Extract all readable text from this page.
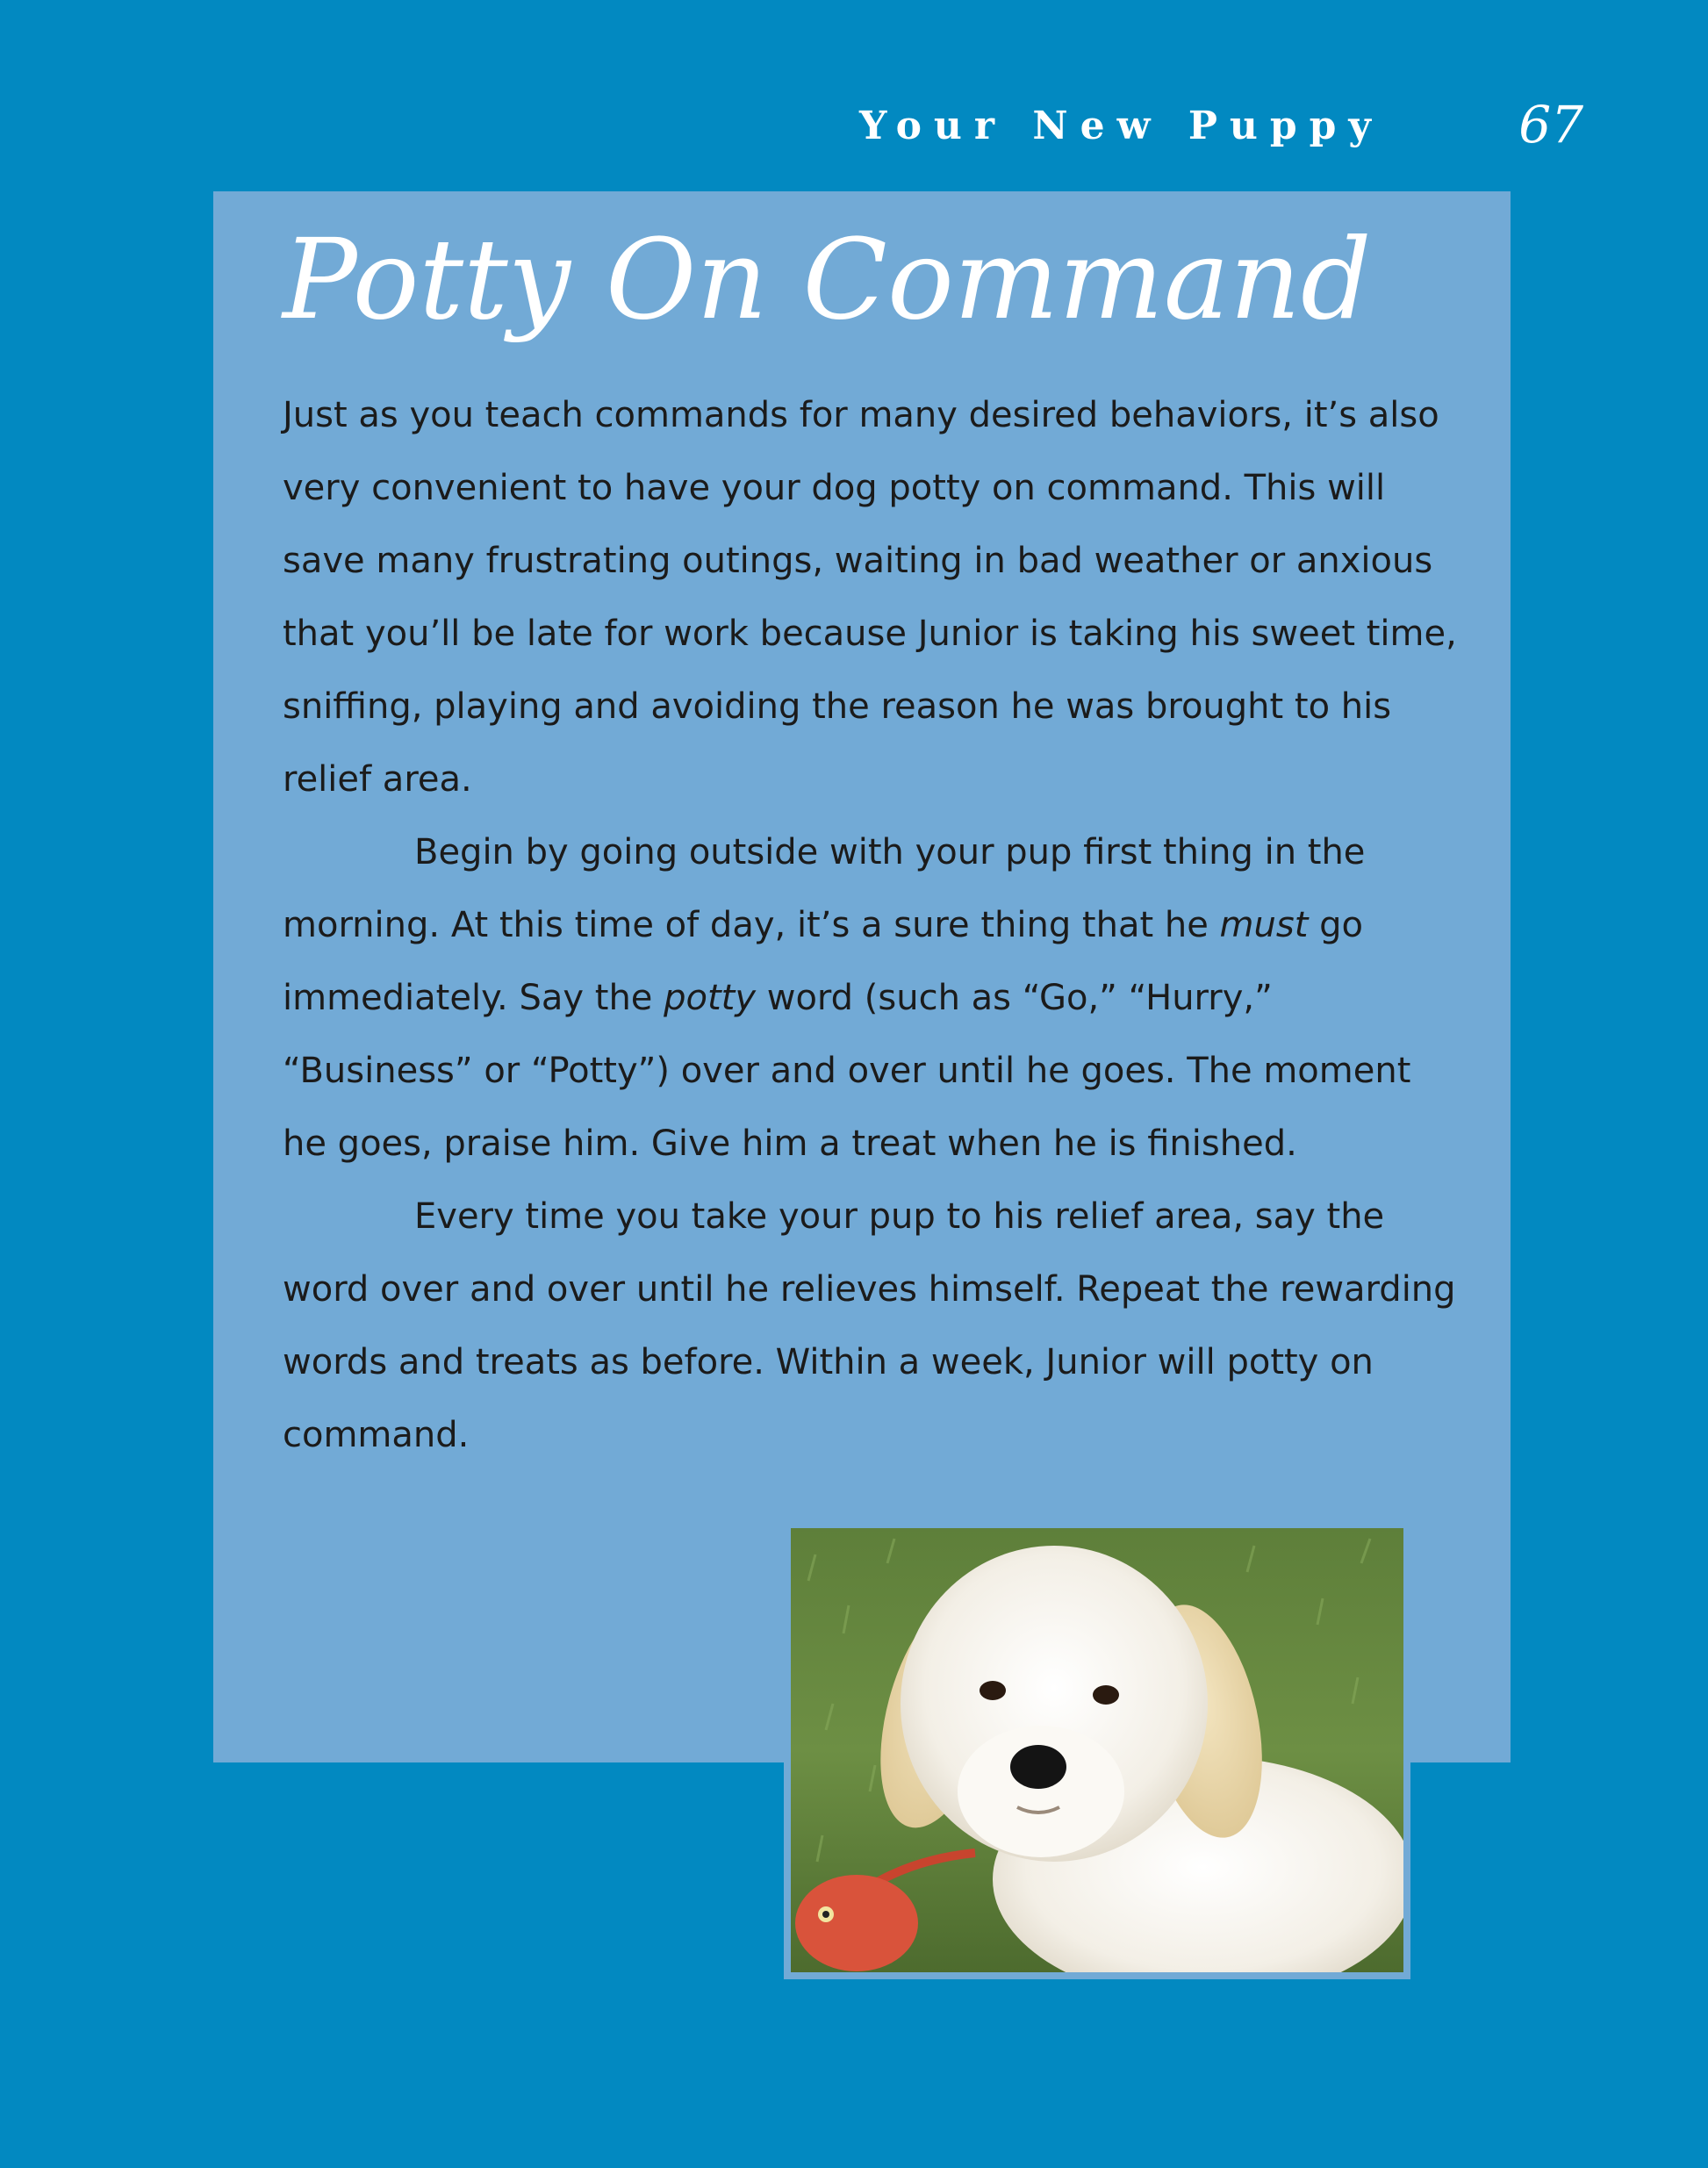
Your New Puppy	67
Potty On Command

Just as you teach commands for many desired behaviors, it’s also very convenient to have your dog potty on command. This will save many frustrating outings, waiting in bad weather or anxious that you’ll be late for work because Junior is taking his sweet time, sniffing, playing and avoiding the reason he was brought to his relief area.

Begin by going outside with your pup first thing in the morning. At this time of day, it’s a sure thing that he must go immediately. Say the potty word (such as “Go,” “Hurry,” “Business” or “Potty”) over and over until he goes. The moment he goes, praise him. Give him a treat when he is finished.

Every time you take your pup to his relief area, say the word over and over until he relieves himself. Repeat the rewarding words and treats as before. Within a week, Junior will potty on command.
